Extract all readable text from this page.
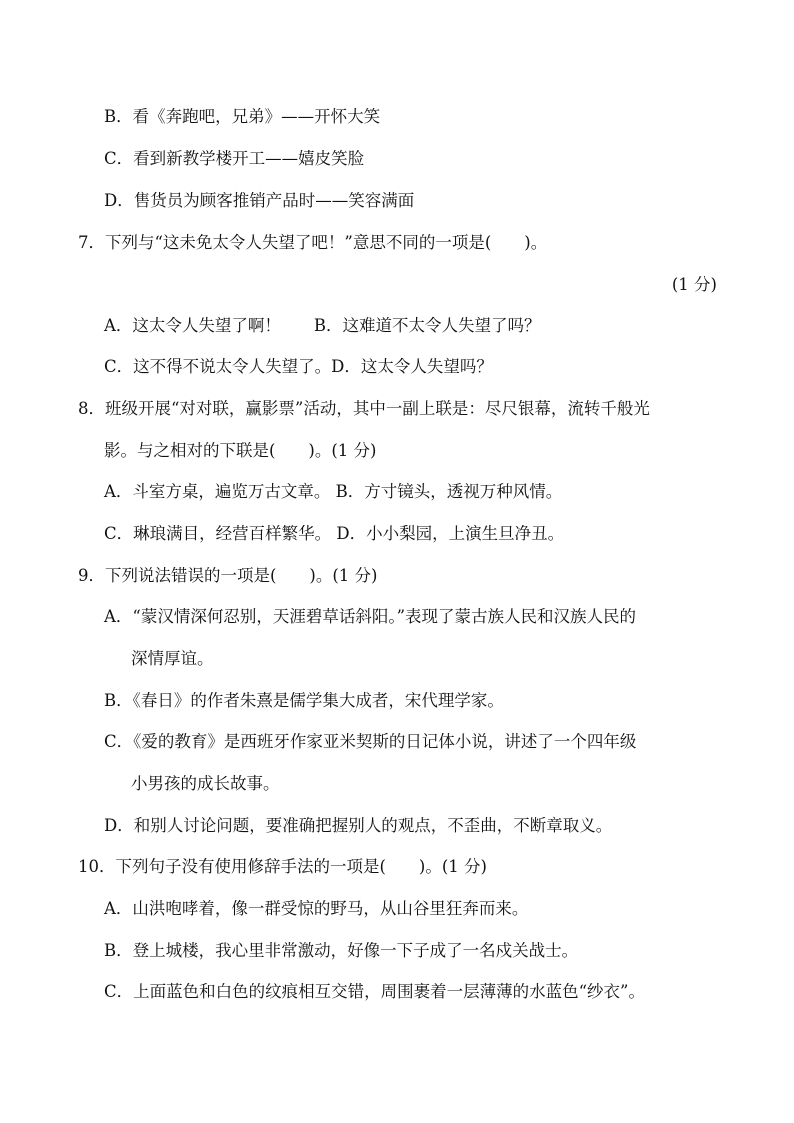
B．看《奔跑吧，兄弟》——开怀大笑
C．看到新教学楼开工——嬉皮笑脸
D．售货员为顾客推销产品时——笑容满面
7．下列与“这未免太令人失望了吧！”意思不同的一项是(　　)。
(1 分)
A．这太令人失望了啊！　　B．这难道不太令人失望了吗？
C．这不得不说太令人失望了。D．这太令人失望吗？
8．班级开展“对对联，赢影票”活动，其中一副上联是：尽尺银幕，流转千般光
影。与之相对的下联是(　　)。(1 分)
A．斗室方桌，遍览万古文章。 B．方寸镜头，透视万种风情。
C．琳琅满目，经营百样繁华。 D．小小梨园，上演生旦净丑。
9．下列说法错误的一项是(　　)。(1 分)
A．“蒙汉情深何忍别，天涯碧草话斜阳。”表现了蒙古族人民和汉族人民的
深情厚谊。
B．《春日》的作者朱熹是儒学集大成者，宋代理学家。
C．《爱的教育》是西班牙作家亚米契斯的日记体小说，讲述了一个四年级
小男孩的成长故事。
D．和别人讨论问题，要准确把握别人的观点，不歪曲，不断章取义。
10．下列句子没有使用修辞手法的一项是(　　)。(1 分)
A．山洪咆哮着，像一群受惊的野马，从山谷里狂奔而来。
B．登上城楼，我心里非常激动，好像一下子成了一名戍关战士。
C．上面蓝色和白色的纹痕相互交错，周围裹着一层薄薄的水蓝色“纱衣”。
